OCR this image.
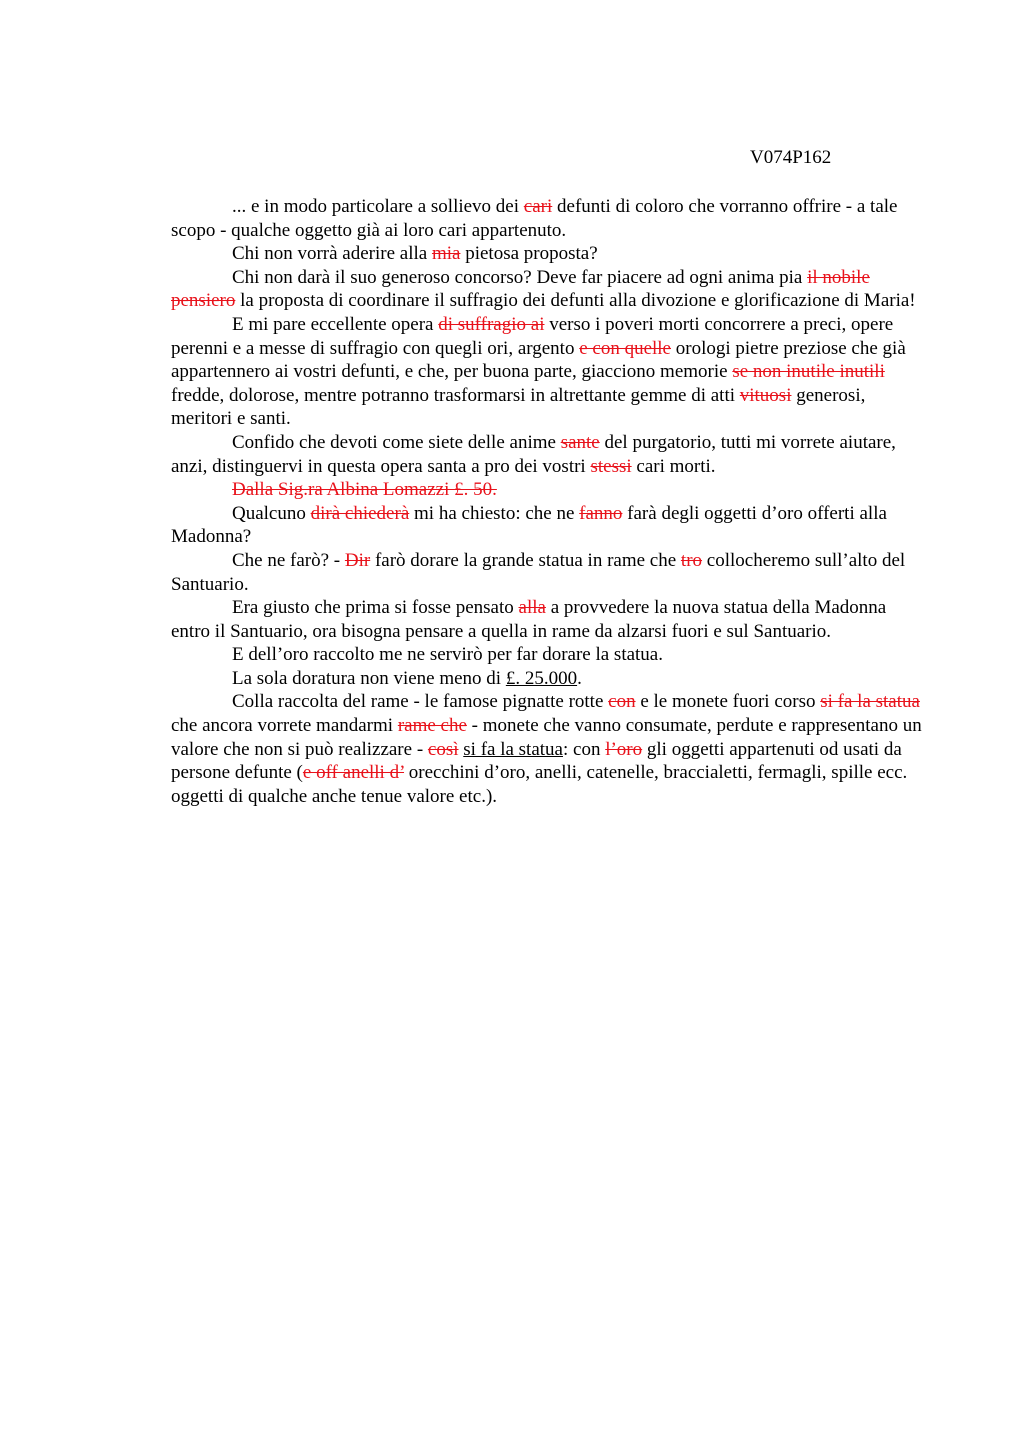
V074P162

... e in modo particolare a sollievo dei cari defunti di coloro che vorranno offrire - a tale scopo - qualche oggetto già ai loro cari appartenuto.

Chi non vorrà aderire alla mia pietosa proposta?

Chi non darà il suo generoso concorso? Deve far piacere ad ogni anima pia il nobile pensiero la proposta di coordinare il suffragio dei defunti alla divozione e glorificazione di Maria!

E mi pare eccellente opera di suffragio ai verso i poveri morti concorrere a preci, opere perenni e a messe di suffragio con quegli ori, argento e con quelle orologi pietre preziose che già appartennero ai vostri defunti, e che, per buona parte, giacciono memorie se non inutile inutili fredde, dolorose, mentre potranno trasformarsi in altrettante gemme di atti vituosi generosi, meritori e santi.

Confido che devoti come siete delle anime sante del purgatorio, tutti mi vorrete aiutare, anzi, distinguervi in questa opera santa a pro dei vostri stessi cari morti.

Dalla Sig.ra Albina Lomazzi £. 50.

Qualcuno dirà chiederà mi ha chiesto: che ne fanno farà degli oggetti d’oro offerti alla Madonna?

Che ne farò? - Dir farò dorare la grande statua in rame che tro collocheremo sull’alto del Santuario.

Era giusto che prima si fosse pensato alla a provvedere la nuova statua della Madonna entro il Santuario, ora bisogna pensare a quella in rame da alzarsi fuori e sul Santuario.

E dell’oro raccolto me ne servirò per far dorare la statua.

La sola doratura non viene meno di £. 25.000.

Colla raccolta del rame - le famose pignatte rotte con e le monete fuori corso si fa la statua che ancora vorrete mandarmi rame che - monete che vanno consumate, perdute e rappresentano un valore che non si può realizzare - così si fa la statua: con l’oro gli oggetti appartenuti od usati da persone defunte (e off anelli d’ orecchini d’oro, anelli, catenelle, braccialetti, fermagli, spille ecc. oggetti di qualche anche tenue valore etc.).
